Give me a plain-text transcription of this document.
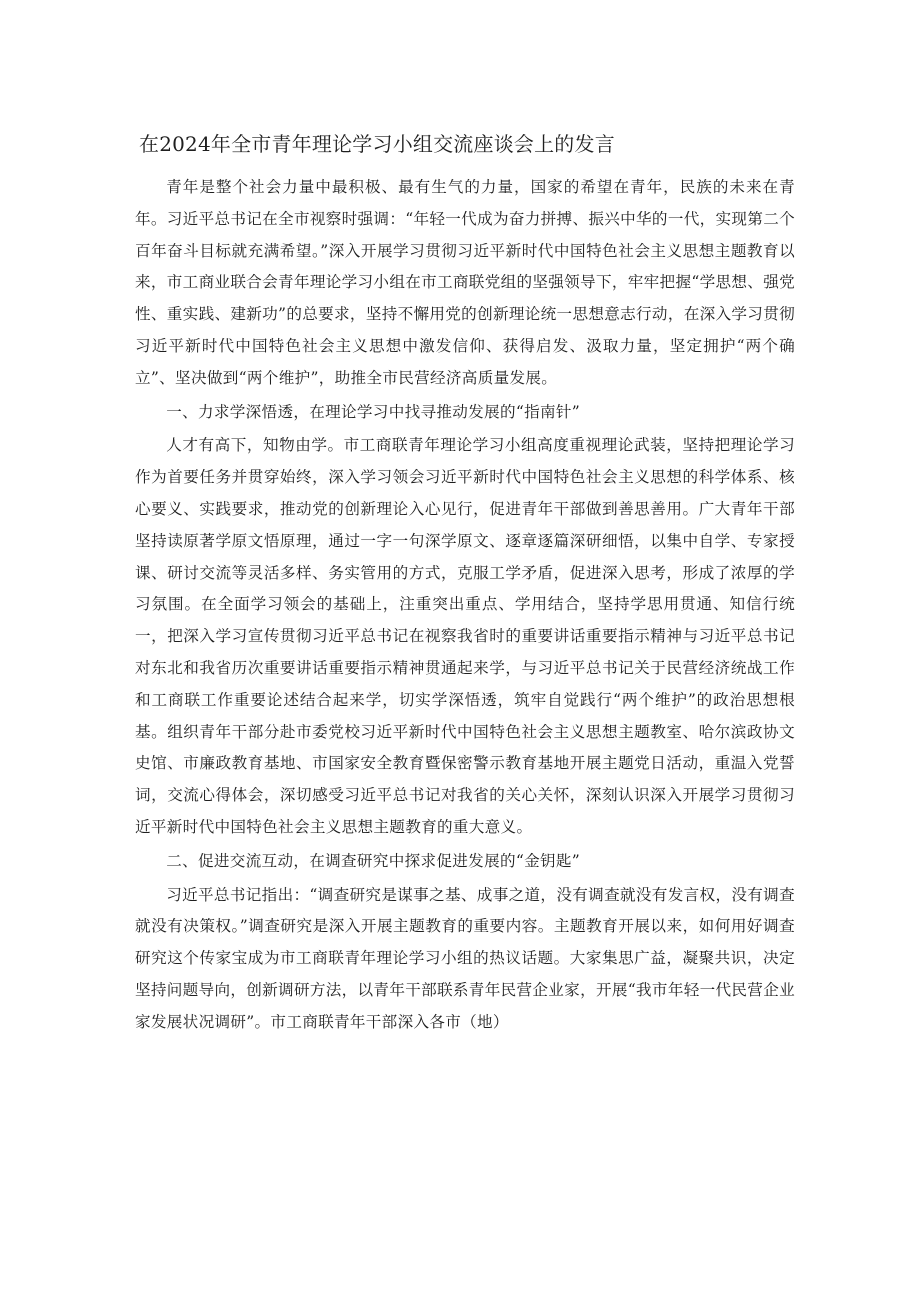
在2024年全市青年理论学习小组交流座谈会上的发言

青年是整个社会力量中最积极、最有生气的力量，国家的希望在青年，民族的未来在青年。习近平总书记在全市视察时强调：“年轻一代成为奋力拼搏、振兴中华的一代，实现第二个百年奋斗目标就充满希望。”深入开展学习贯彻习近平新时代中国特色社会主义思想主题教育以来，市工商业联合会青年理论学习小组在市工商联党组的坚强领导下，牢牢把握“学思想、强党性、重实践、建新功”的总要求，坚持不懈用党的创新理论统一思想意志行动，在深入学习贯彻习近平新时代中国特色社会主义思想中激发信仰、获得启发、汲取力量，坚定拥护“两个确立”、坚决做到“两个维护”，助推全市民营经济高质量发展。

一、力求学深悟透，在理论学习中找寻推动发展的“指南针”

人才有高下，知物由学。市工商联青年理论学习小组高度重视理论武装，坚持把理论学习作为首要任务并贯穿始终，深入学习领会习近平新时代中国特色社会主义思想的科学体系、核心要义、实践要求，推动党的创新理论入心见行，促进青年干部做到善思善用。广大青年干部坚持读原著学原文悟原理，通过一字一句深学原文、逐章逐篇深研细悟，以集中自学、专家授课、研讨交流等灵活多样、务实管用的方式，克服工学矛盾，促进深入思考，形成了浓厚的学习氛围。在全面学习领会的基础上，注重突出重点、学用结合，坚持学思用贯通、知信行统一，把深入学习宣传贯彻习近平总书记在视察我省时的重要讲话重要指示精神与习近平总书记对东北和我省历次重要讲话重要指示精神贯通起来学，与习近平总书记关于民营经济统战工作和工商联工作重要论述结合起来学，切实学深悟透，筑牢自觉践行“两个维护”的政治思想根基。组织青年干部分赴市委党校习近平新时代中国特色社会主义思想主题教室、哈尔滨政协文史馆、市廉政教育基地、市国家安全教育暨保密警示教育基地开展主题党日活动，重温入党誓词，交流心得体会，深切感受习近平总书记对我省的关心关怀，深刻认识深入开展学习贯彻习近平新时代中国特色社会主义思想主题教育的重大意义。

二、促进交流互动，在调查研究中探求促进发展的“金钥匙”

习近平总书记指出：“调查研究是谋事之基、成事之道，没有调查就没有发言权，没有调查就没有决策权。”调查研究是深入开展主题教育的重要内容。主题教育开展以来，如何用好调查研究这个传家宝成为市工商联青年理论学习小组的热议话题。大家集思广益，凝聚共识，决定坚持问题导向，创新调研方法，以青年干部联系青年民营企业家，开展“我市年轻一代民营企业家发展状况调研”。市工商联青年干部深入各市（地）
